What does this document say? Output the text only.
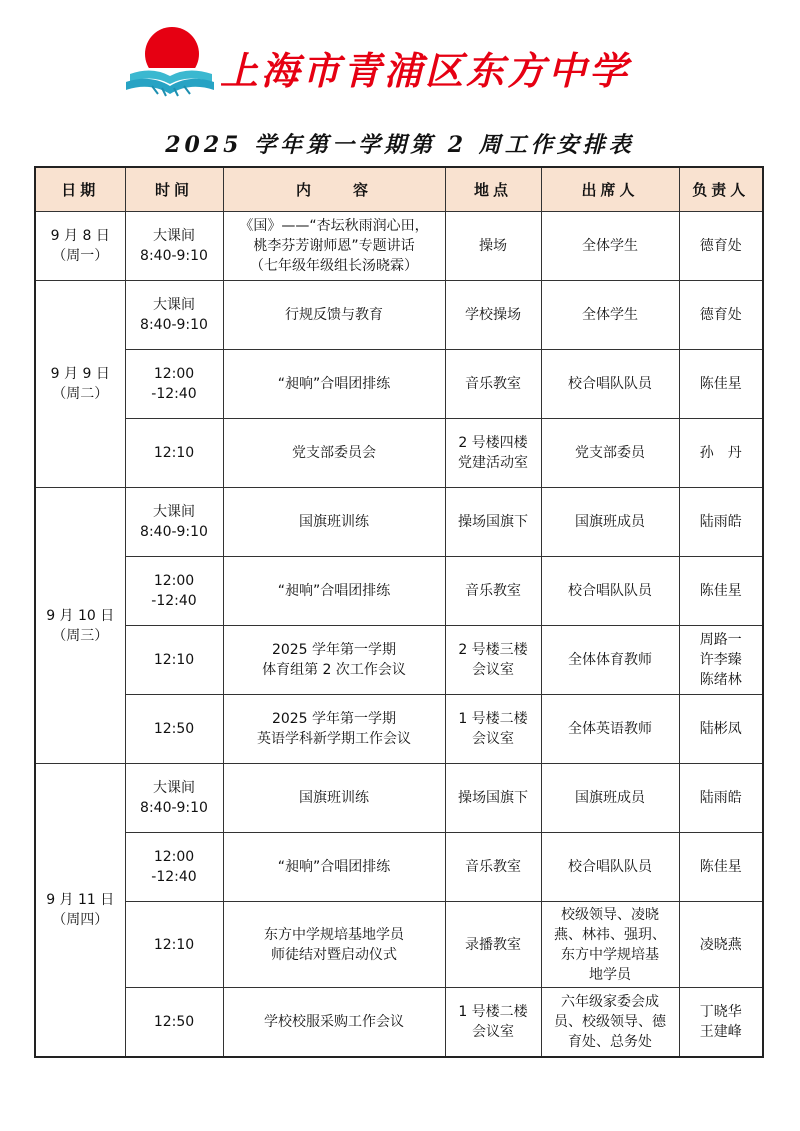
上海市青浦区东方中学
2025 学年第一学期第 2 周工作安排表
日期	时间	内　　容	地点	出席人	负责人

9 月 8 日
（周一）	大课间
8:40-9:10	《国》——“杏坛秋雨润心田，
桃李芬芳谢师恩”专题讲话
（七年级年级组长汤晓霖）	操场	全体学生	德育处

9 月 9 日
（周二）	大课间
8:40-9:10	行规反馈与教育	学校操场	全体学生	德育处

	12:00
-12:40	“昶响”合唱团排练	音乐教室	校合唱队队员	陈佳星

	12:10	党支部委员会	2 号楼四楼
党建活动室	党支部委员	孙　丹

9 月 10 日
（周三）	大课间
8:40-9:10	国旗班训练	操场国旗下	国旗班成员	陆雨皓

	12:00
-12:40	“昶响”合唱团排练	音乐教室	校合唱队队员	陈佳星

	12:10	2025 学年第一学期
体育组第 2 次工作会议	2 号楼三楼
会议室	全体体育教师	周路一
许李臻
陈绪林

	12:50	2025 学年第一学期
英语学科新学期工作会议	1 号楼二楼
会议室	全体英语教师	陆彬凤

9 月 11 日
（周四）	大课间
8:40-9:10	国旗班训练	操场国旗下	国旗班成员	陆雨皓

	12:00
-12:40	“昶响”合唱团排练	音乐教室	校合唱队队员	陈佳星

	12:10	东方中学规培基地学员
师徒结对暨启动仪式	录播教室	校级领导、凌晓
燕、林祎、强玥、
东方中学规培基
地学员	凌晓燕

	12:50	学校校服采购工作会议	1 号楼二楼
会议室	六年级家委会成
员、校级领导、德
育处、总务处	丁晓华
王建峰
